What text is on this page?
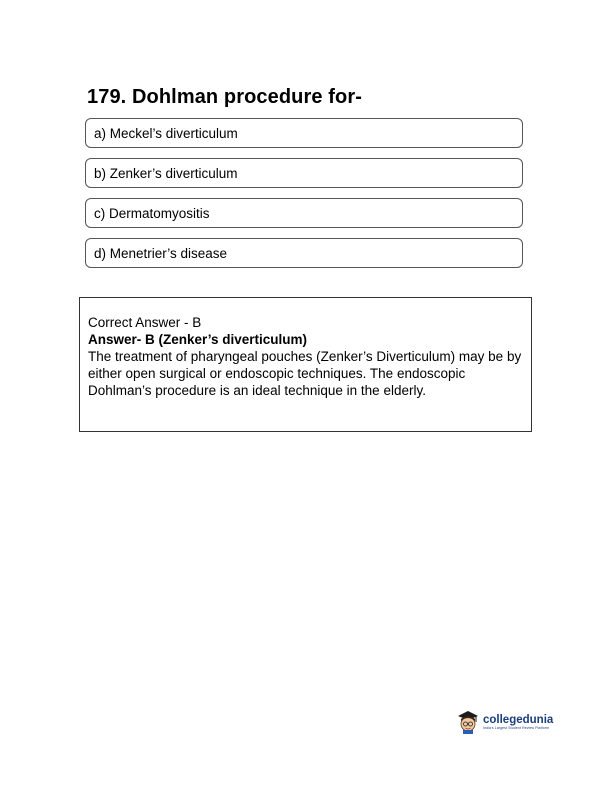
179. Dohlman procedure for-
a) Meckel’s diverticulum
b) Zenker’s diverticulum
c) Dermatomyositis
d) Menetrier’s disease

Correct Answer - B

Answer- B (Zenker’s diverticulum)

The treatment of pharyngeal pouches (Zenker’s Diverticulum) may be by either open surgical or endoscopic techniques. The endoscopic Dohlman’s procedure is an ideal technique in the elderly.

collegedunia
India's Largest Student Review Platform
